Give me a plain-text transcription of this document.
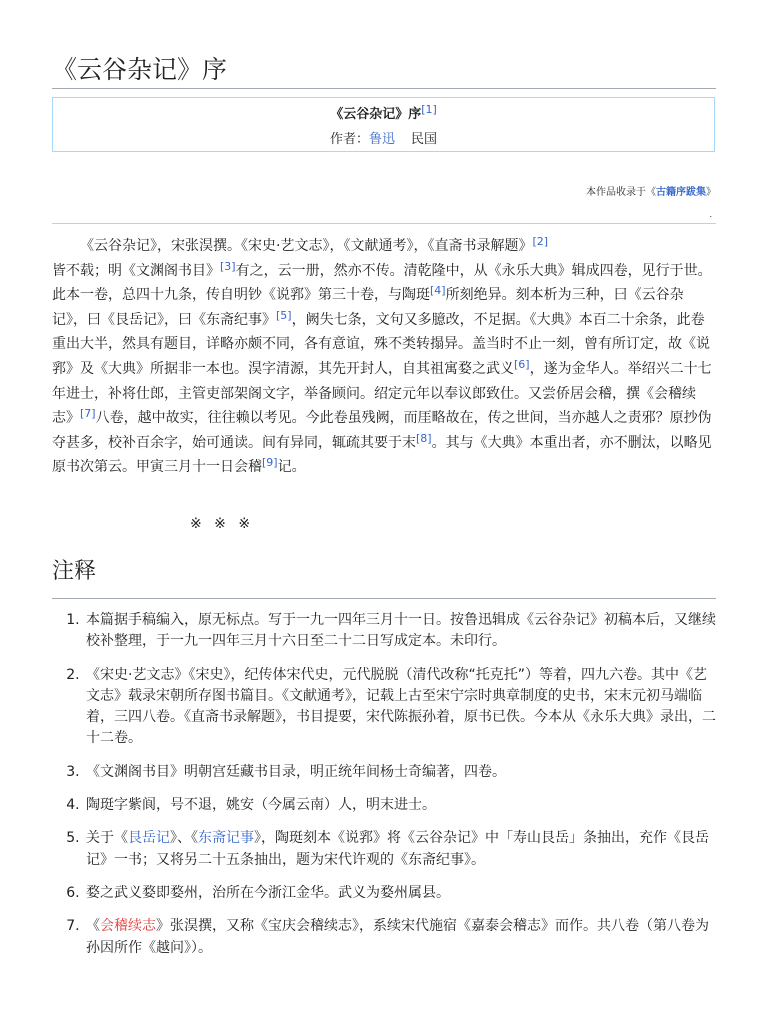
《云谷杂记》序
《云谷杂记》序[1]
作者：鲁迅 民国
本作品收录于《古籍序跋集》
.

《云谷杂记》，宋张淏撰。《宋史·艺文志》，《文献通考》，《直斋书录解题》[2]皆不载；明《文渊阁书目》[3]有之，云一册，然亦不传。清乾隆中，从《永乐大典》辑成四卷，见行于世。此本一卷，总四十九条，传自明钞《说郛》第三十卷，与陶珽[4]所刻绝异。刻本析为三种，曰《云谷杂记》，曰《艮岳记》，曰《东斋纪事》[5]，阙失七条，文句又多臆改，不足据。《大典》本百二十余条，此卷重出大半，然具有题目，详略亦颇不同，各有意谊，殊不类转搨异。盖当时不止一刻，曾有所订定，故《说郛》及《大典》所据非一本也。淏字清源，其先开封人，自其祖寓婺之武义[6]，遂为金华人。举绍兴二十七年进士，补将仕郎，主管吏部架阁文字，举备顾问。绍定元年以奉议郎致仕。又尝侨居会稽，撰《会稽续志》[7]八卷，越中故实，往往赖以考见。今此卷虽残阙，而厓略故在，传之世间，当亦越人之责邪？原抄伪夺甚多，校补百余字，始可通读。间有异同，辄疏其要于末[8]。其与《大典》本重出者，亦不删汰，以略见原书次第云。甲寅三月十一日会稽[9]记。

※ ※ ※
注释
1. 本篇据手稿编入，原无标点。写于一九一四年三月十一日。按鲁迅辑成《云谷杂记》初稿本后，又继续校补整理，于一九一四年三月十六日至二十二日写成定本。未印行。
2. 《宋史·艺文志》《宋史》，纪传体宋代史，元代脱脱（清代改称“托克托”）等着，四九六卷。其中《艺文志》载录宋朝所存图书篇目。《文献通考》，记载上古至宋宁宗时典章制度的史书，宋末元初马端临着，三四八卷。《直斋书录解题》，书目提要，宋代陈振孙着，原书已佚。今本从《永乐大典》录出，二十二卷。
3. 《文渊阁书目》明朝宫廷藏书目录，明正统年间杨士奇编著，四卷。
4. 陶珽字紫阆，号不退，姚安（今属云南）人，明末进士。
5. 关于《艮岳记》、《东斋记事》，陶珽刻本《说郛》将《云谷杂记》中「寿山艮岳」条抽出，充作《艮岳记》一书；又将另二十五条抽出，题为宋代许观的《东斋纪事》。
6. 婺之武义婺即婺州，治所在今浙江金华。武义为婺州属县。
7. 《会稽续志》张淏撰，又称《宝庆会稽续志》，系续宋代施宿《嘉泰会稽志》而作。共八卷（第八卷为孙因所作《越问》）。
